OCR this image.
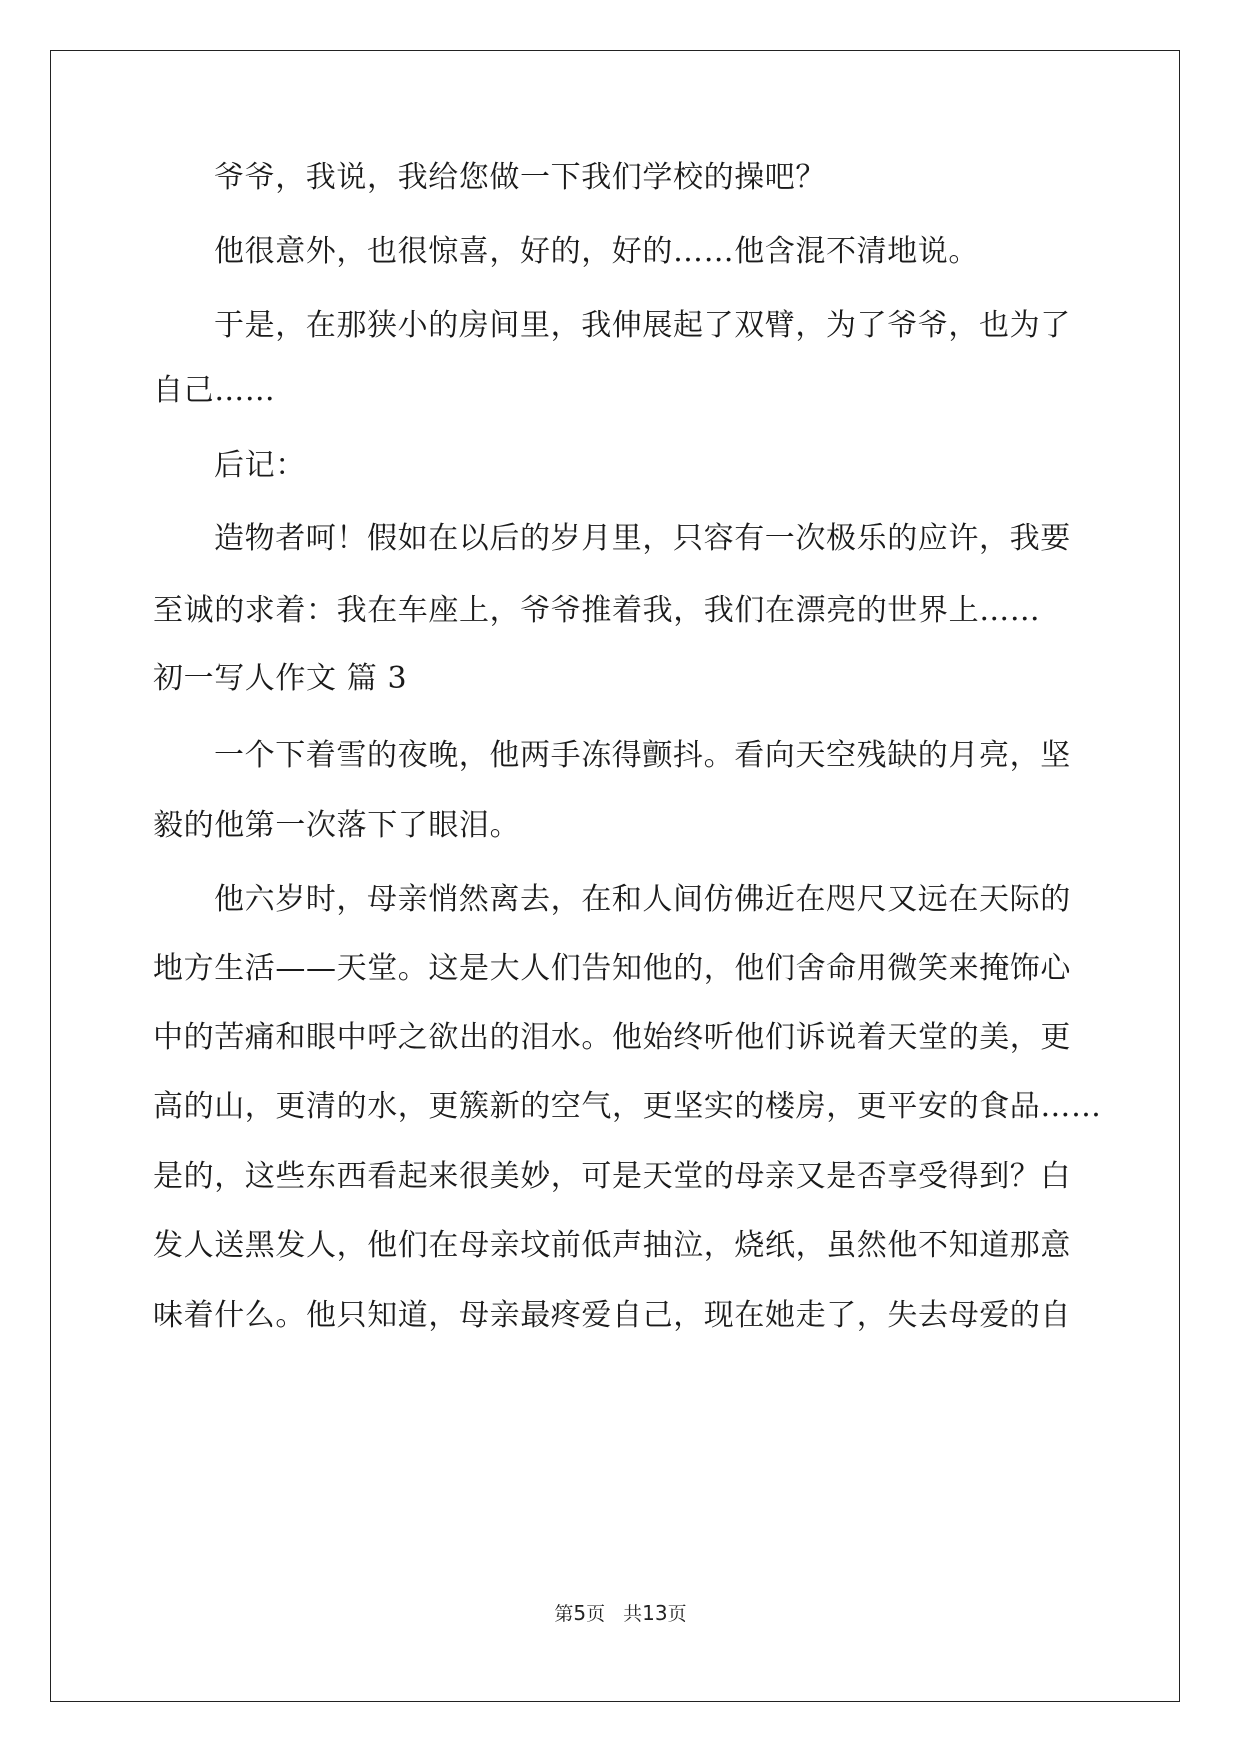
爷爷，我说，我给您做一下我们学校的操吧？
他很意外，也很惊喜，好的，好的……他含混不清地说。
于是，在那狭小的房间里，我伸展起了双臂，为了爷爷，也为了
自己……
后记：
造物者呵！假如在以后的岁月里，只容有一次极乐的应许，我要
至诚的求着：我在车座上，爷爷推着我，我们在漂亮的世界上……
初一写人作文 篇 3
一个下着雪的夜晚，他两手冻得颤抖。看向天空残缺的月亮，坚
毅的他第一次落下了眼泪。
他六岁时，母亲悄然离去，在和人间仿佛近在咫尺又远在天际的
地方生活——天堂。这是大人们告知他的，他们舍命用微笑来掩饰心
中的苦痛和眼中呼之欲出的泪水。他始终听他们诉说着天堂的美，更
高的山，更清的水，更簇新的空气，更坚实的楼房，更平安的食品……
是的，这些东西看起来很美妙，可是天堂的母亲又是否享受得到？白
发人送黑发人，他们在母亲坟前低声抽泣，烧纸，虽然他不知道那意
味着什么。他只知道，母亲最疼爱自己，现在她走了，失去母爱的自
第5页 共13页
